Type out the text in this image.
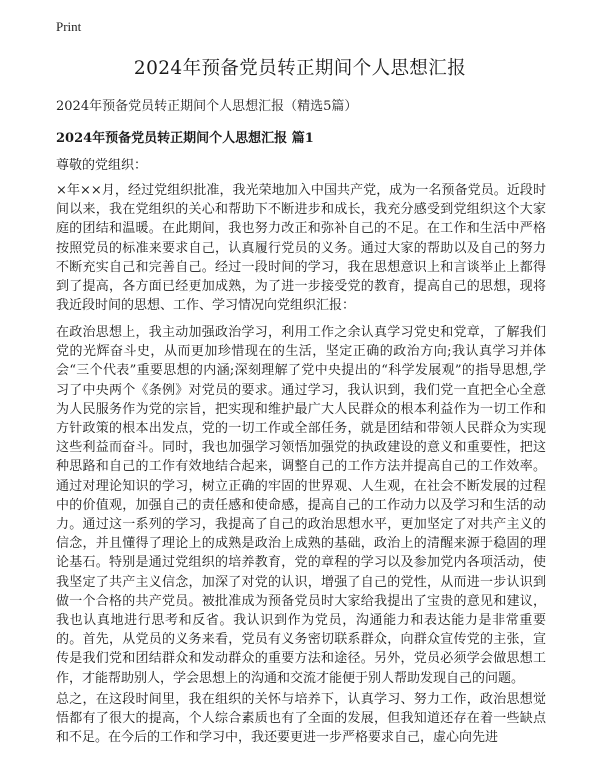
Print
2024年预备党员转正期间个人思想汇报
2024年预备党员转正期间个人思想汇报（精选5篇）
2024年预备党员转正期间个人思想汇报 篇1
尊敬的党组织：

×年××月，经过党组织批准，我光荣地加入中国共产党，成为一名预备党员。近段时间以来，我在党组织的关心和帮助下不断进步和成长，我充分感受到党组织这个大家庭的团结和温暖。在此期间，我也努力改正和弥补自己的不足。在工作和生活中严格按照党员的标准来要求自己，认真履行党员的义务。通过大家的帮助以及自己的努力不断充实自己和完善自己。经过一段时间的学习，我在思想意识上和言谈举止上都得到了提高，各方面已经更加成熟，为了进一步接受党的教育，提高自己的思想，现将我近段时间的思想、工作、学习情况向党组织汇报：

在政治思想上，我主动加强政治学习，利用工作之余认真学习党史和党章，了解我们党的光辉奋斗史，从而更加珍惜现在的生活，坚定正确的政治方向;我认真学习并体会“三个代表”重要思想的内涵;深刻理解了党中央提出的“科学发展观”的指导思想,学习了中央两个《条例》对党员的要求。通过学习，我认识到，我们党一直把全心全意为人民服务作为党的宗旨，把实现和维护最广大人民群众的根本利益作为一切工作和方针政策的根本出发点，党的一切工作或全部任务，就是团结和带领人民群众为实现这些利益而奋斗。同时，我也加强学习领悟加强党的执政建设的意义和重要性，把这种思路和自己的工作有效地结合起来，调整自己的工作方法并提高自己的工作效率。通过对理论知识的学习，树立正确的牢固的世界观、人生观，在社会不断发展的过程中的价值观，加强自己的责任感和使命感，提高自己的工作动力以及学习和生活的动力。通过这一系列的学习，我提高了自己的政治思想水平，更加坚定了对共产主义的信念，并且懂得了理论上的成熟是政治上成熟的基础，政治上的清醒来源于稳固的理论基石。特别是通过党组织的培养教育，党的章程的学习以及参加党内各项活动，使我坚定了共产主义信念，加深了对党的认识，增强了自己的党性，从而进一步认识到做一个合格的共产党员。被批准成为预备党员时大家给我提出了宝贵的意见和建议，我也认真地进行思考和反省。我认识到作为党员，沟通能力和表达能力是非常重要的。首先，从党员的义务来看，党员有义务密切联系群众，向群众宣传党的主张，宣传是我们党和团结群众和发动群众的重要方法和途径。另外，党员必须学会做思想工作，才能帮助别人，学会思想上的沟通和交流才能便于别人帮助发现自己的问题。

总之，在这段时间里，我在组织的关怀与培养下，认真学习、努力工作，政治思想觉悟都有了很大的提高，个人综合素质也有了全面的发展，但我知道还存在着一些缺点和不足。在今后的工作和学习中，我还要更进一步严格要求自己，虚心向先进
